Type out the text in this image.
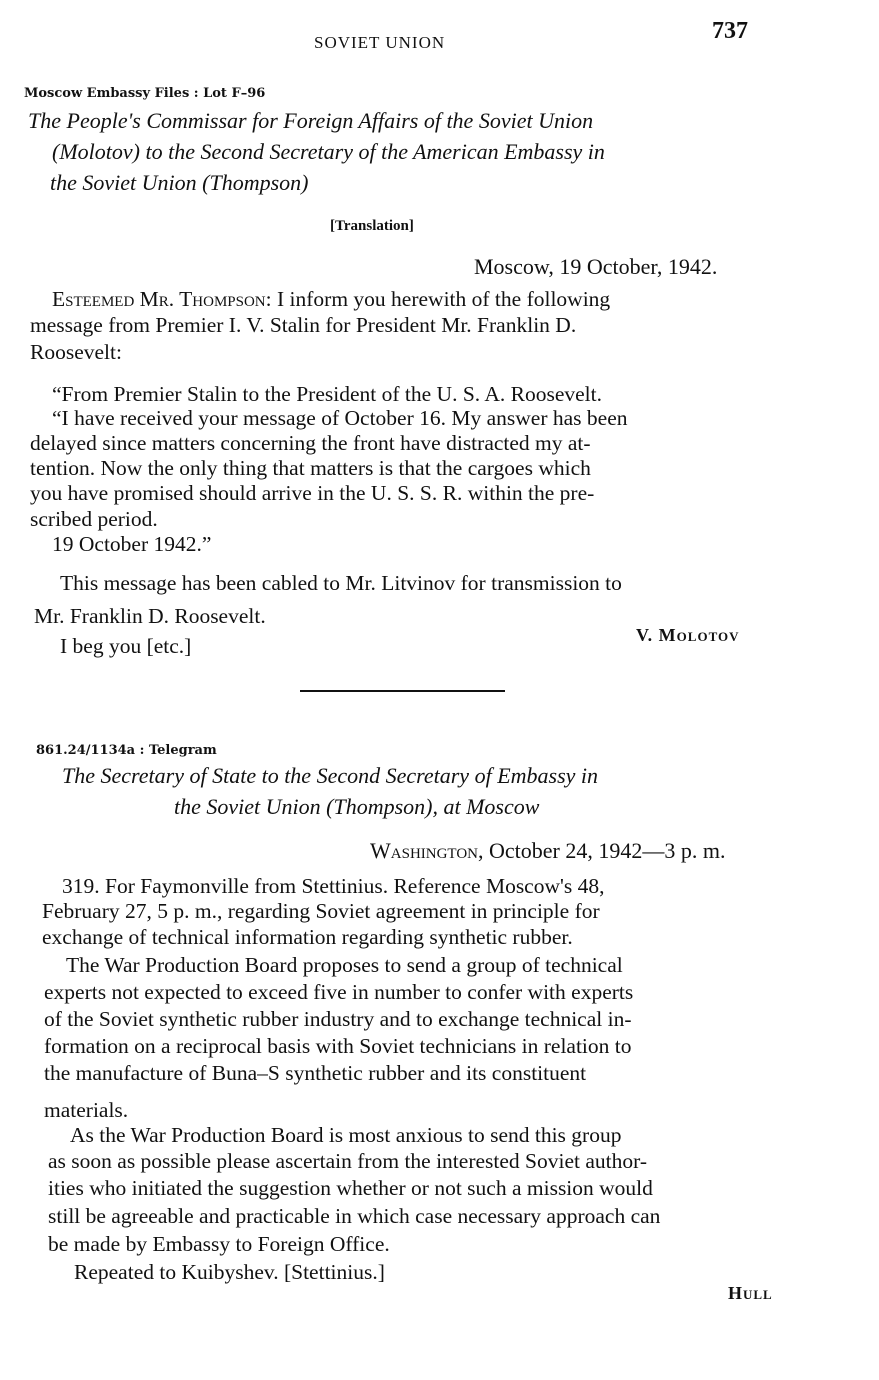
SOVIET UNION	737
Moscow Embassy Files : Lot F–96
The People's Commissar for Foreign Affairs of the Soviet Union
(Molotov) to the Second Secretary of the American Embassy in
the Soviet Union (Thompson)
[Translation]
Moscow, 19 October, 1942.
Esteemed Mr. Thompson: I inform you herewith of the following
message from Premier I. V. Stalin for President Mr. Franklin D.
Roosevelt:
“From Premier Stalin to the President of the U. S. A. Roosevelt.
“I have received your message of October 16. My answer has been
delayed since matters concerning the front have distracted my at-
tention. Now the only thing that matters is that the cargoes which
you have promised should arrive in the U. S. S. R. within the pre-
scribed period.
19 October 1942.”
This message has been cabled to Mr. Litvinov for transmission to
Mr. Franklin D. Roosevelt.
I beg you [etc.]	V. Molotov
861.24/1134a : Telegram
The Secretary of State to the Second Secretary of Embassy in
the Soviet Union (Thompson), at Moscow
Washington, October 24, 1942—3 p. m.
319. For Faymonville from Stettinius. Reference Moscow's 48,
February 27, 5 p. m., regarding Soviet agreement in principle for
exchange of technical information regarding synthetic rubber.
The War Production Board proposes to send a group of technical
experts not expected to exceed five in number to confer with experts
of the Soviet synthetic rubber industry and to exchange technical in-
formation on a reciprocal basis with Soviet technicians in relation to
the manufacture of Buna–S synthetic rubber and its constituent
materials.
As the War Production Board is most anxious to send this group
as soon as possible please ascertain from the interested Soviet author-
ities who initiated the suggestion whether or not such a mission would
still be agreeable and practicable in which case necessary approach can
be made by Embassy to Foreign Office.
Repeated to Kuibyshev. [Stettinius.]
Hull
